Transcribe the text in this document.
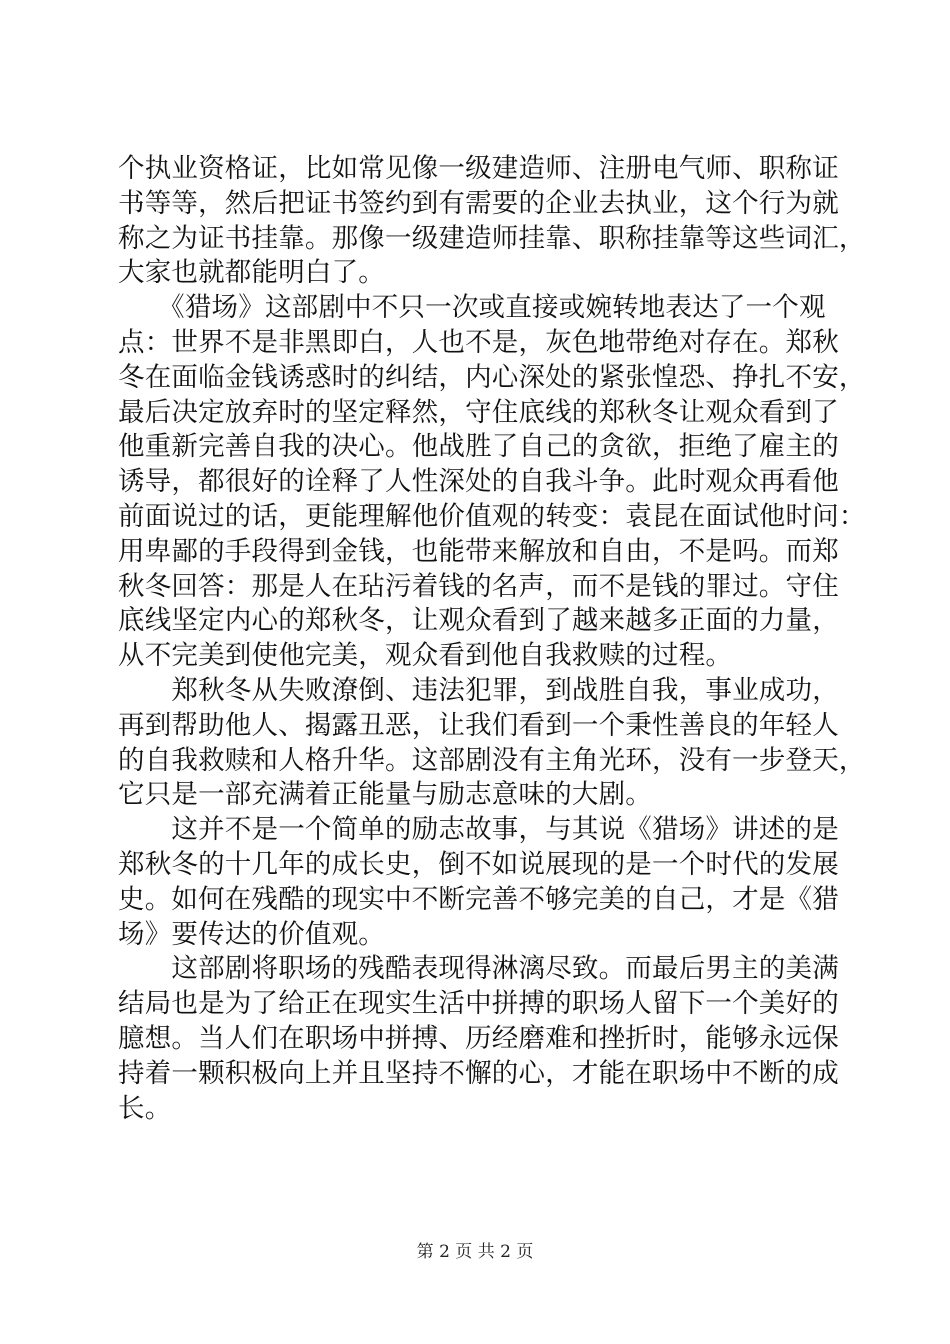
个执业资格证，比如常见像一级建造师、注册电气师、职称证
书等等，然后把证书签约到有需要的企业去执业，这个行为就
称之为证书挂靠。那像一级建造师挂靠、职称挂靠等这些词汇，
大家也就都能明白了。
　　《猎场》这部剧中不只一次或直接或婉转地表达了一个观
点：世界不是非黑即白，人也不是，灰色地带绝对存在。郑秋
冬在面临金钱诱惑时的纠结，内心深处的紧张惶恐、挣扎不安，
最后决定放弃时的坚定释然，守住底线的郑秋冬让观众看到了
他重新完善自我的决心。他战胜了自己的贪欲，拒绝了雇主的
诱导，都很好的诠释了人性深处的自我斗争。此时观众再看他
前面说过的话，更能理解他价值观的转变：袁昆在面试他时问：
用卑鄙的手段得到金钱，也能带来解放和自由，不是吗。而郑
秋冬回答：那是人在玷污着钱的名声，而不是钱的罪过。守住
底线坚定内心的郑秋冬，让观众看到了越来越多正面的力量，
从不完美到使他完美，观众看到他自我救赎的过程。
　　郑秋冬从失败潦倒、违法犯罪，到战胜自我，事业成功，
再到帮助他人、揭露丑恶，让我们看到一个秉性善良的年轻人
的自我救赎和人格升华。这部剧没有主角光环，没有一步登天，
它只是一部充满着正能量与励志意味的大剧。
　　这并不是一个简单的励志故事，与其说《猎场》讲述的是
郑秋冬的十几年的成长史，倒不如说展现的是一个时代的发展
史。如何在残酷的现实中不断完善不够完美的自己，才是《猎
场》要传达的价值观。
　　这部剧将职场的残酷表现得淋漓尽致。而最后男主的美满
结局也是为了给正在现实生活中拼搏的职场人留下一个美好的
臆想。当人们在职场中拼搏、历经磨难和挫折时，能够永远保
持着一颗积极向上并且坚持不懈的心，才能在职场中不断的成
长。
第 2 页 共 2 页
